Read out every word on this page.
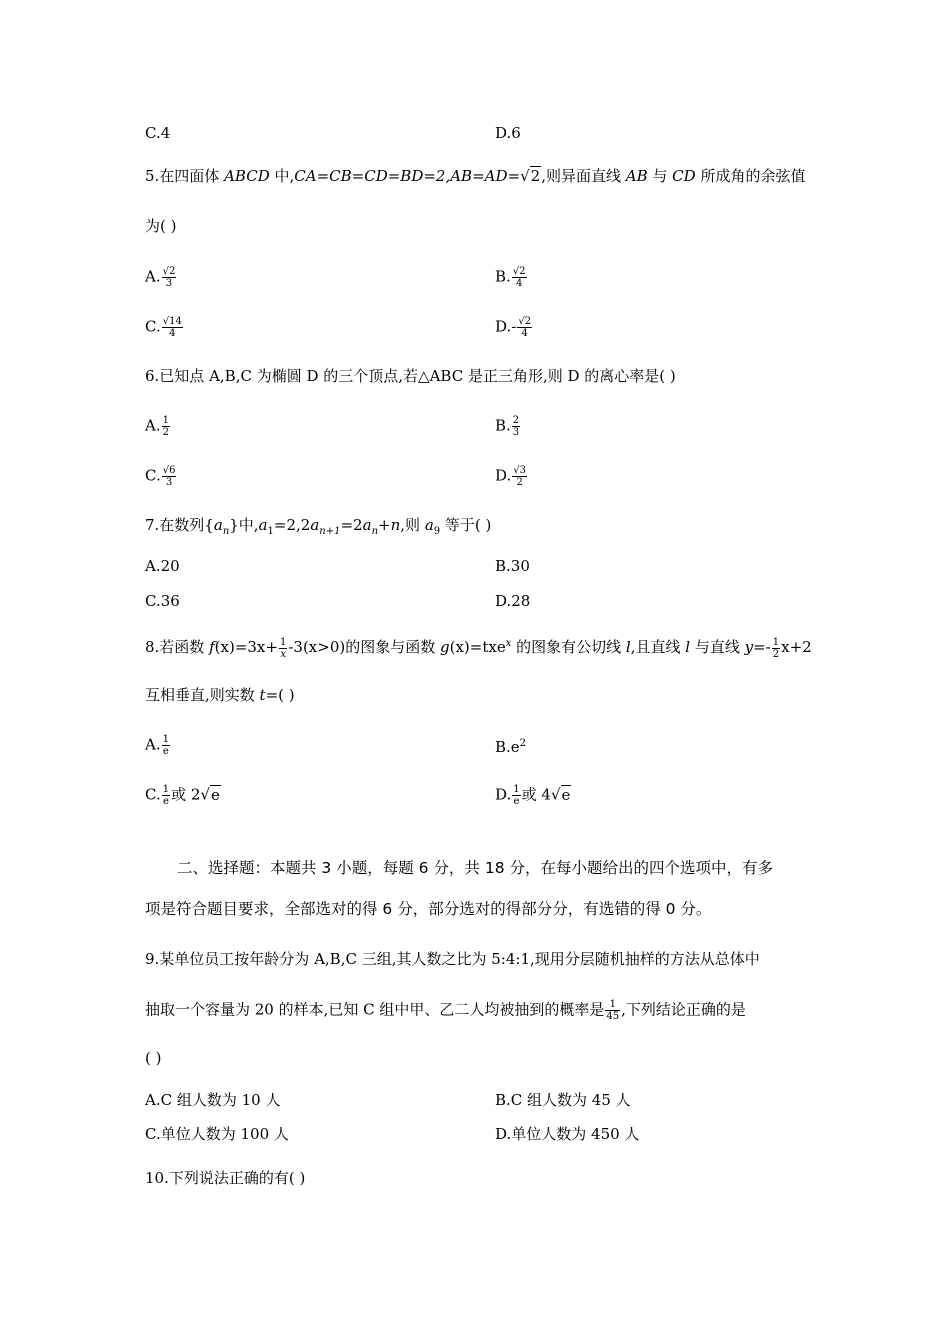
C.4	D.6
5.在四面体 ABCD 中,CA=CB=CD=BD=2,AB=AD=√2,则异面直线 AB 与 CD 所成角的余弦值
为( )
A. $\frac{√2}{3}$	B. $\frac{√2}{4}$
C. $\frac{√14}{4}$	$D.- \frac{√2}{4}$
6.已知点 A,B,C 为椭圆 D 的三个顶点,若△ABC 是正三角形,则 D 的离心率是( )
A. $\frac{1}{2}$	B. $\frac{2}{3}$
C. $\frac{√6}{3}$	D. $\frac{√3}{2}$
7.在数列$\{a_n\}$中$,a_1=2,2a_{n+1}=2a_n+n$,则 $a_9$ 等于( )
A.20	B.30
C.36	D.28
8.若函数 $f(x)=3x+ \frac{1}{x} -3(x>0)$的图象与函数 g(x)=txe$^x$ 的图象有公切线 l,且直线 l 与直线 $y=- \frac{1}{2} x+2$
互相垂直,则实数 t=( )
A. $\frac{1}{e}$	$B.e^2$
C. $\frac{1}{e}$ 或 2√e	D. $\frac{1}{e}$ 或 4√e
二、选择题：本题共 3 小题，每题 6 分，共 18 分，在每小题给出的四个选项中，有多
项是符合题目要求，全部选对的得 6 分，部分选对的得部分分，有选错的得 0 分。
9.某单位员工按年龄分为 A,B,C 三组,其人数之比为 5:4:1,现用分层随机抽样的方法从总体中
抽取一个容量为 20 的样本,已知 C 组中甲、乙二人均被抽到的概率是 $\frac{1}{45}$ ,下列结论正确的是
( )
A.C 组人数为 10 人	B.C 组人数为 45 人
C.单位人数为 100 人	D.单位人数为 450 人
10.下列说法正确的有( )
